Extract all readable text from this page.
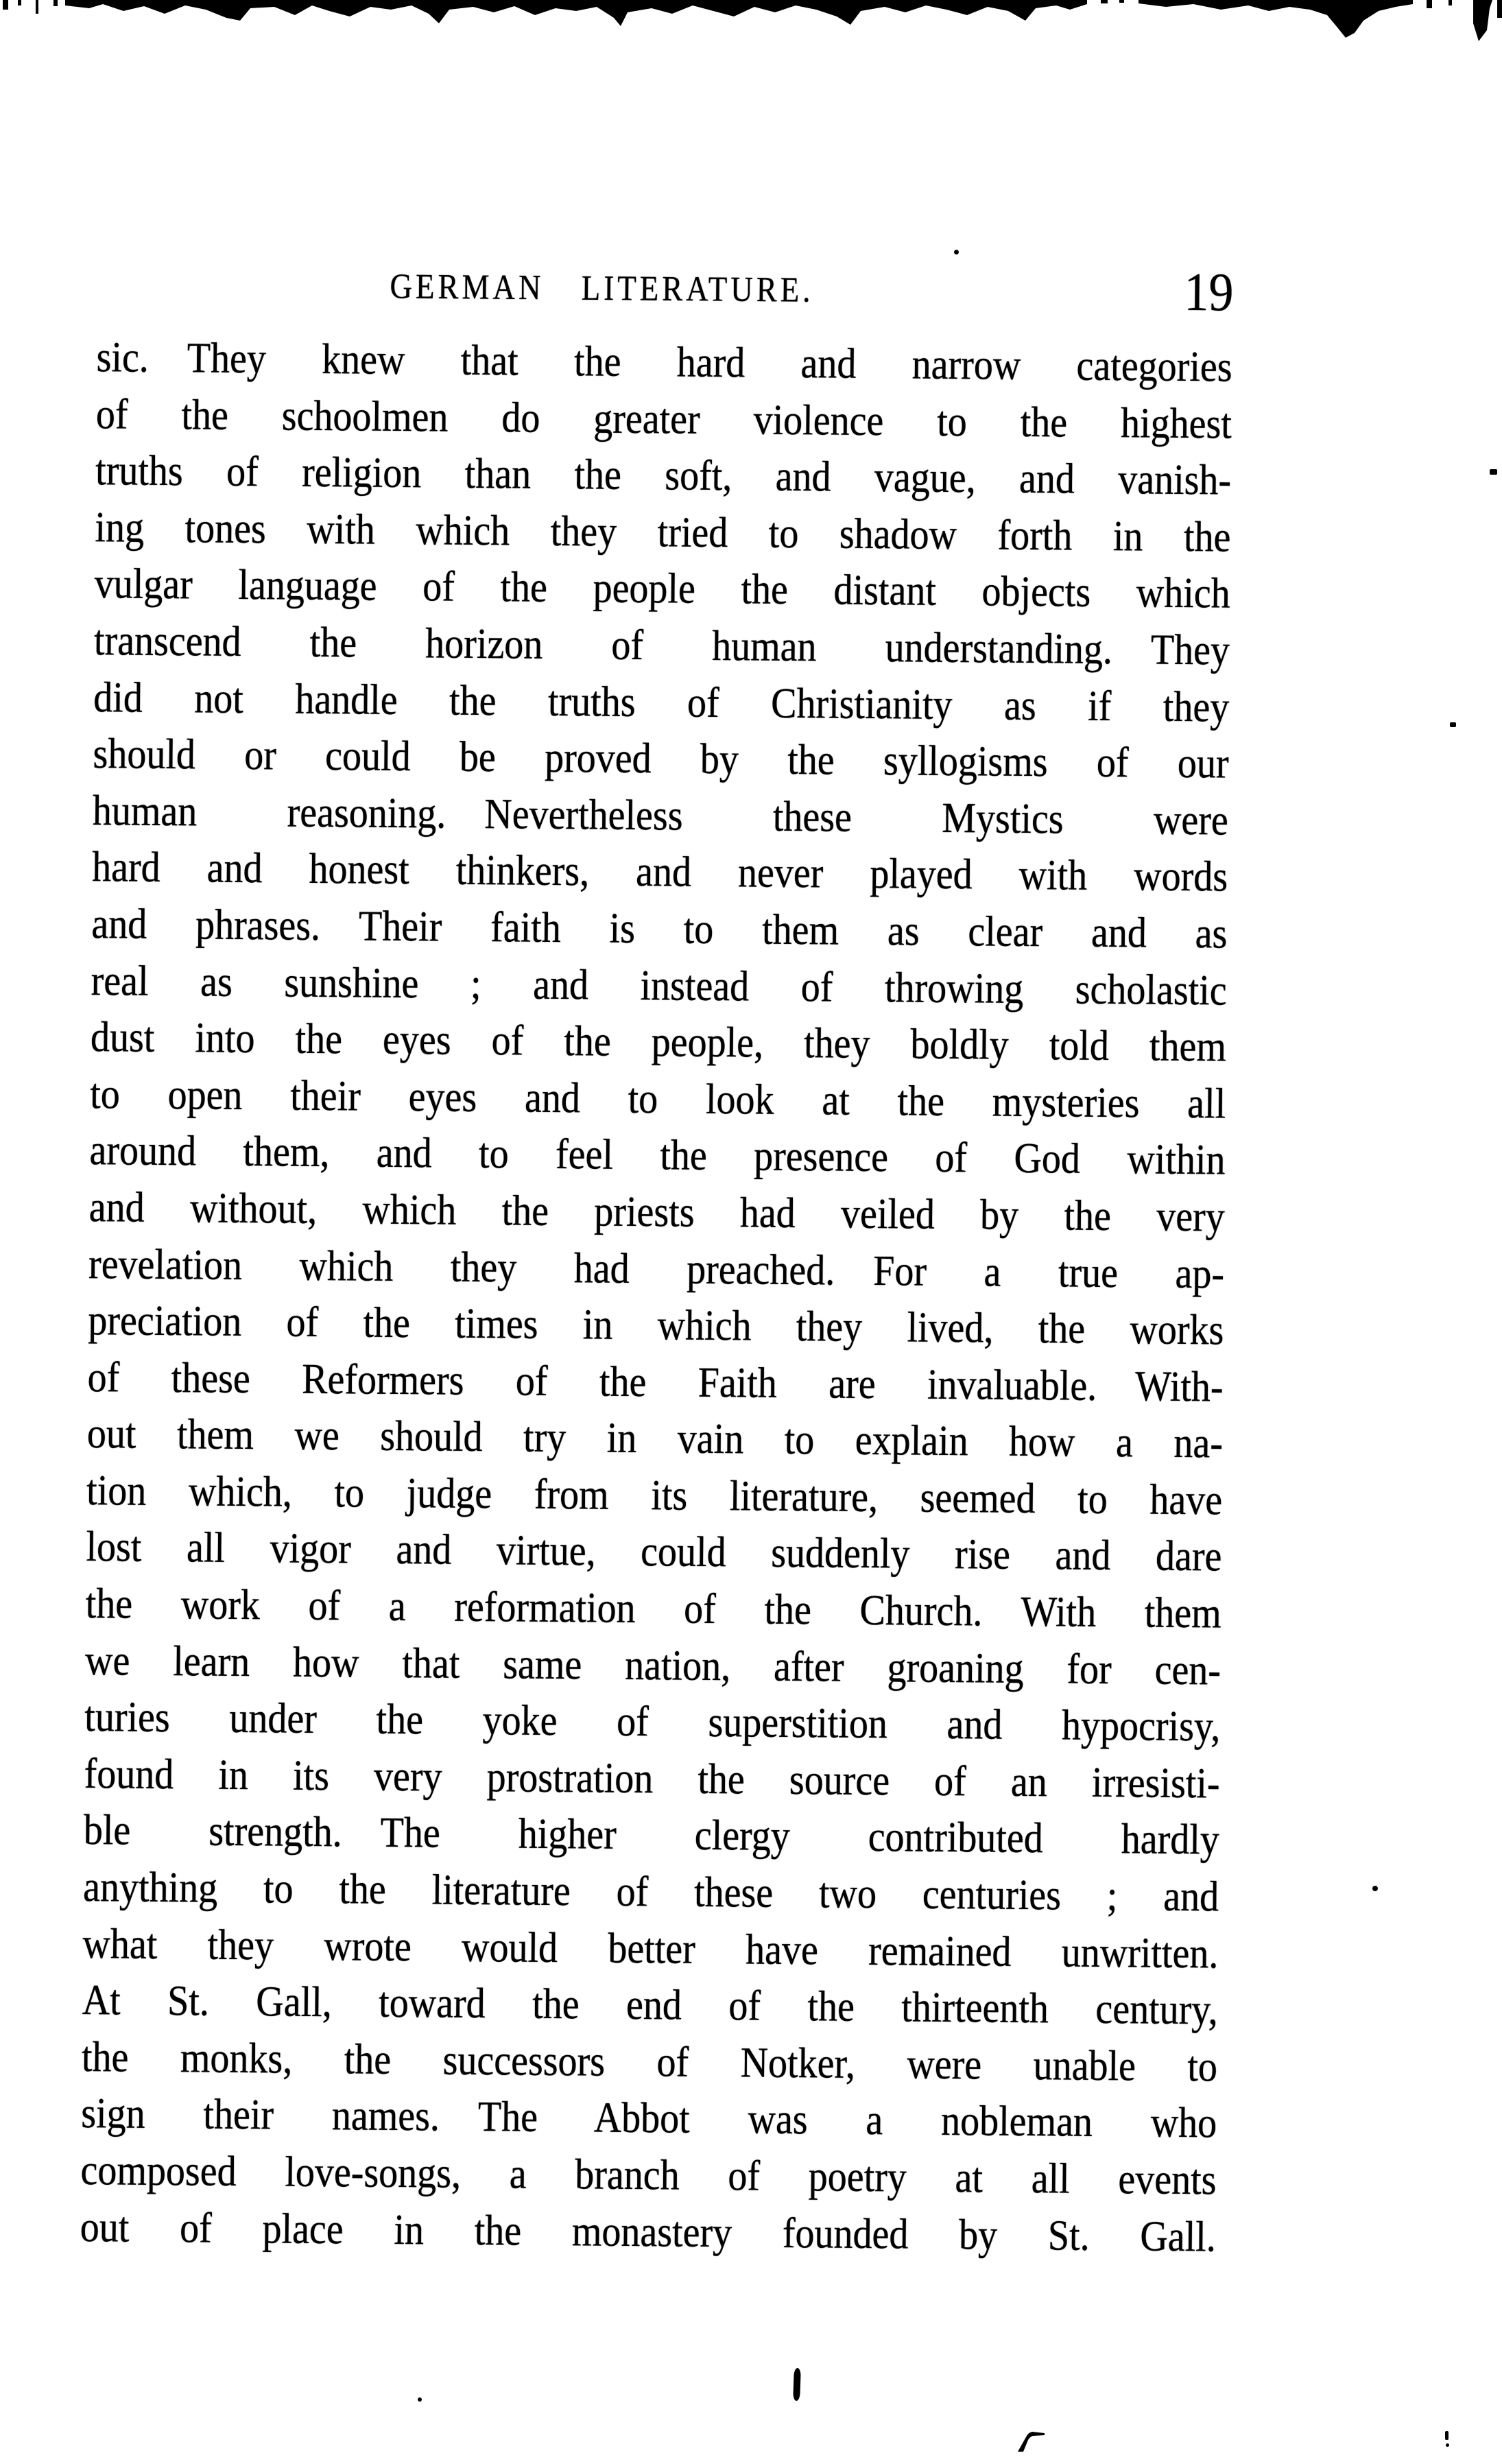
GERMAN LITERATURE.	19
sic. They knew that the hard and narrow categories
of the schoolmen do greater violence to the highest
truths of religion than the soft, and vague, and vanish-
ing tones with which they tried to shadow forth in the
vulgar language of the people the distant objects which
transcend the horizon of human understanding. They
did not handle the truths of Christianity as if they
should or could be proved by the syllogisms of our
human reasoning. Nevertheless these Mystics were
hard and honest thinkers, and never played with words
and phrases. Their faith is to them as clear and as
real as sunshine ; and instead of throwing scholastic
dust into the eyes of the people, they boldly told them
to open their eyes and to look at the mysteries all
around them, and to feel the presence of God within
and without, which the priests had veiled by the very
revelation which they had preached. For a true ap-
preciation of the times in which they lived, the works
of these Reformers of the Faith are invaluable. With-
out them we should try in vain to explain how a na-
tion which, to judge from its literature, seemed to have
lost all vigor and virtue, could suddenly rise and dare
the work of a reformation of the Church. With them
we learn how that same nation, after groaning for cen-
turies under the yoke of superstition and hypocrisy,
found in its very prostration the source of an irresisti-
ble strength. The higher clergy contributed hardly
anything to the literature of these two centuries ; and
what they wrote would better have remained unwritten.
At St. Gall, toward the end of the thirteenth century,
the monks, the successors of Notker, were unable to
sign their names. The Abbot was a nobleman who
composed love-songs, a branch of poetry at all events
out of place in the monastery founded by St. Gall.
